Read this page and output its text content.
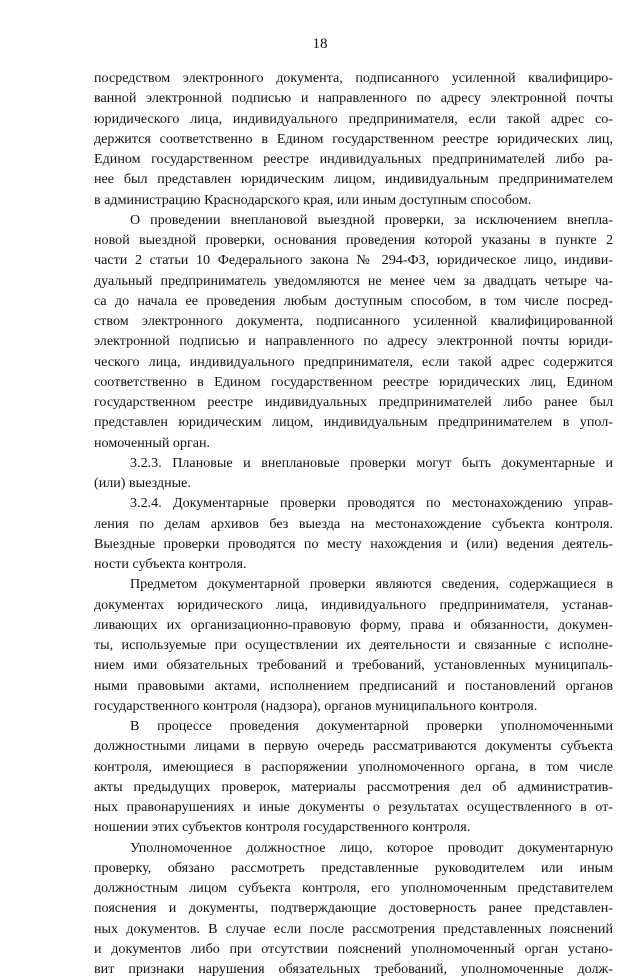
18
посредством электронного документа, подписанного усиленной квалифициро-
ванной электронной подписью и направленного по адресу электронной почты
юридического лица, индивидуального предпринимателя, если такой адрес со-
держится соответственно в Едином государственном реестре юридических лиц,
Едином государственном реестре индивидуальных предпринимателей либо ра-
нее был представлен юридическим лицом, индивидуальным предпринимателем
в администрацию Краснодарского края, или иным доступным способом.
О проведении внеплановой выездной проверки, за исключением внепла-
новой выездной проверки, основания проведения которой указаны в пункте 2
части 2 статьи 10 Федерального закона № 294-ФЗ, юридическое лицо, индиви-
дуальный предприниматель уведомляются не менее чем за двадцать четыре ча-
са до начала ее проведения любым доступным способом, в том числе посред-
ством электронного документа, подписанного усиленной квалифицированной
электронной подписью и направленного по адресу электронной почты юриди-
ческого лица, индивидуального предпринимателя, если такой адрес содержится
соответственно в Едином государственном реестре юридических лиц, Едином
государственном реестре индивидуальных предпринимателей либо ранее был
представлен юридическим лицом, индивидуальным предпринимателем в упол-
номоченный орган.
3.2.3. Плановые и внеплановые проверки могут быть документарные и
(или) выездные.
3.2.4. Документарные проверки проводятся по местонахождению управ-
ления по делам архивов без выезда на местонахождение субъекта контроля.
Выездные проверки проводятся по месту нахождения и (или) ведения деятель-
ности субъекта контроля.
Предметом документарной проверки являются сведения, содержащиеся в
документах юридического лица, индивидуального предпринимателя, устанав-
ливающих их организационно-правовую форму, права и обязанности, докумен-
ты, используемые при осуществлении их деятельности и связанные с исполне-
нием ими обязательных требований и требований, установленных муниципаль-
ными правовыми актами, исполнением предписаний и постановлений органов
государственного контроля (надзора), органов муниципального контроля.
В процессе проведения документарной проверки уполномоченными
должностными лицами в первую очередь рассматриваются документы субъекта
контроля, имеющиеся в распоряжении уполномоченного органа, в том числе
акты предыдущих проверок, материалы рассмотрения дел об административ-
ных правонарушениях и иные документы о результатах осуществленного в от-
ношении этих субъектов контроля государственного контроля.
Уполномоченное должностное лицо, которое проводит документарную
проверку, обязано рассмотреть представленные руководителем или иным
должностным лицом субъекта контроля, его уполномоченным представителем
пояснения и документы, подтверждающие достоверность ранее представлен-
ных документов. В случае если после рассмотрения представленных пояснений
и документов либо при отсутствии пояснений уполномоченный орган устано-
вит признаки нарушения обязательных требований, уполномоченные долж-
